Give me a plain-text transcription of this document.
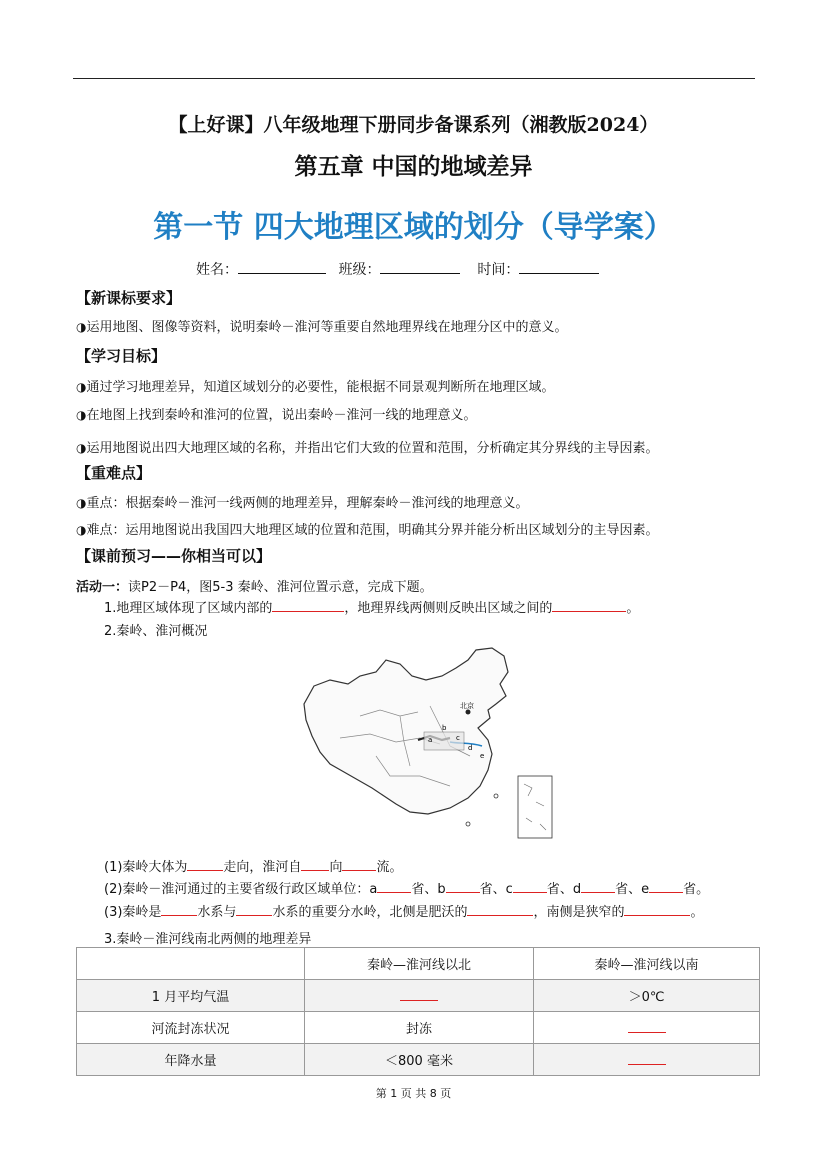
【上好课】八年级地理下册同步备课系列（湘教版2024）
第五章 中国的地域差异
第一节 四大地理区域的划分（导学案）
姓名：	班级：	时间：
【新课标要求】
◑运用地图、图像等资料，说明秦岭－淮河等重要自然地理界线在地理分区中的意义。
【学习目标】
◑通过学习地理差异，知道区域划分的必要性，能根据不同景观判断所在地理区域。
◑在地图上找到秦岭和淮河的位置，说出秦岭－淮河一线的地理意义。
◑运用地图说出四大地理区域的名称，并指出它们大致的位置和范围，分析确定其分界线的主导因素。
【重难点】
◑重点：根据秦岭－淮河一线两侧的地理差异，理解秦岭－淮河线的地理意义。
◑难点：运用地图说出我国四大地理区域的位置和范围，明确其分界并能分析出区域划分的主导因素。
【课前预习——你相当可以】
活动一：读P2－P4，图5-3 秦岭、淮河位置示意，完成下题。
1.地理区域体现了区域内部的	，地理界线两侧则反映出区域之间的	。
2.秦岭、淮河概况
北京
a
b
c
d
e
(1)秦岭大体为	走向，淮河自 向	流。
(2)秦岭－淮河通过的主要省级行政区域单位：a	省、b	省、c	省、d	省、e	省。
(3)秦岭是	水系与	水系的重要分水岭，北侧是肥沃的	，南侧是狭窄的	。
3.秦岭－淮河线南北两侧的地理差异
	秦岭—淮河线以北	秦岭—淮河线以南
1 月平均气温		＞0℃
河流封冻状况	封冻	
年降水量	＜800 毫米	
第 1 页 共 8 页
